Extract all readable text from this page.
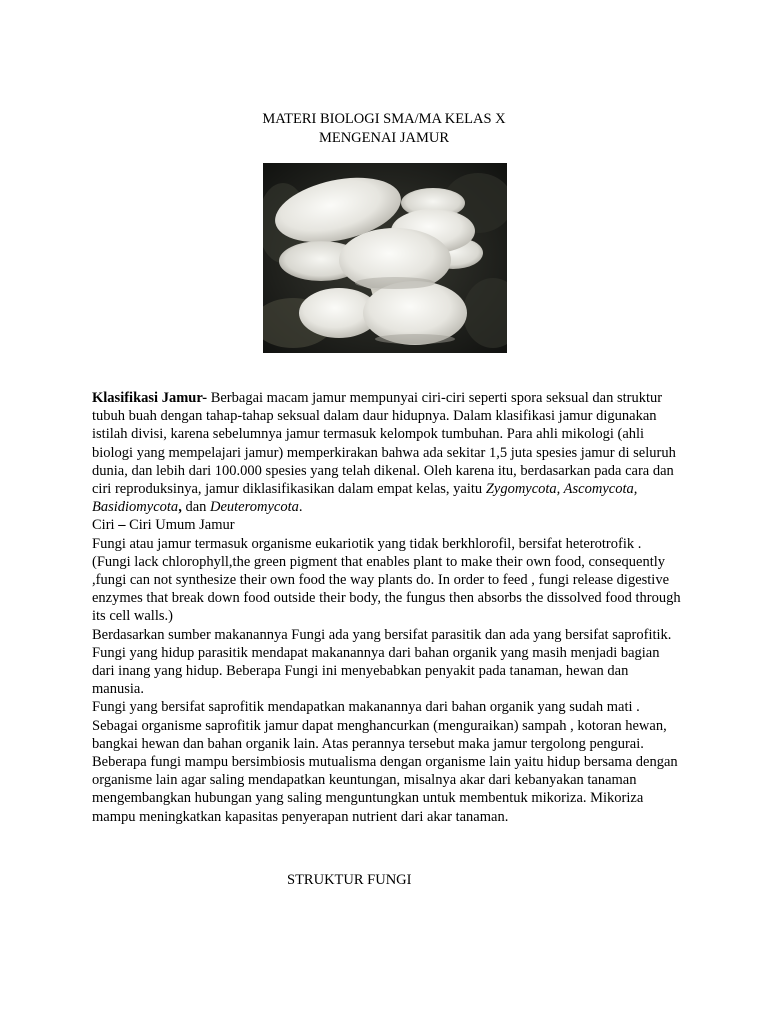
MATERI BIOLOGI SMA/MA KELAS X
MENGENAI JAMUR

Klasifikasi Jamur- Berbagai macam jamur mempunyai ciri-ciri seperti spora seksual dan struktur tubuh buah dengan tahap-tahap seksual dalam daur hidupnya. Dalam klasifikasi jamur digunakan istilah divisi, karena sebelumnya jamur termasuk kelompok tumbuhan. Para ahli mikologi (ahli biologi yang mempelajari jamur) memperkirakan bahwa ada sekitar 1,5 juta spesies jamur di seluruh dunia, dan lebih dari 100.000 spesies yang telah dikenal. Oleh karena itu, berdasarkan pada cara dan ciri reproduksinya, jamur diklasifikasikan dalam empat kelas, yaitu Zygomycota, Ascomycota, Basidiomycota, dan Deuteromycota.

Ciri – Ciri Umum Jamur

Fungi atau jamur termasuk organisme eukariotik yang tidak berkhlorofil, bersifat heterotrofik . (Fungi lack chlorophyll,the green pigment that enables plant to make their own food, consequently ,fungi can not synthesize their own food the way plants do. In order to feed , fungi release digestive enzymes that break down food outside their body, the fungus then absorbs the dissolved food through its cell walls.)

Berdasarkan sumber makanannya Fungi ada yang bersifat parasitik dan ada yang bersifat saprofitik.

Fungi yang hidup parasitik mendapat makanannya dari bahan organik yang masih menjadi bagian dari inang yang hidup. Beberapa Fungi ini menyebabkan penyakit pada tanaman, hewan dan manusia.

Fungi yang bersifat saprofitik mendapatkan makanannya dari bahan organik yang sudah mati . Sebagai organisme saprofitik jamur dapat menghancurkan (menguraikan) sampah , kotoran hewan, bangkai hewan dan bahan organik lain. Atas perannya tersebut maka jamur tergolong pengurai.

Beberapa fungi mampu bersimbiosis mutualisma dengan organisme lain yaitu hidup bersama dengan organisme lain agar saling mendapatkan keuntungan, misalnya akar dari kebanyakan tanaman mengembangkan hubungan yang saling menguntungkan untuk membentuk mikoriza. Mikoriza mampu meningkatkan kapasitas penyerapan nutrient dari akar tanaman.

STRUKTUR FUNGI
